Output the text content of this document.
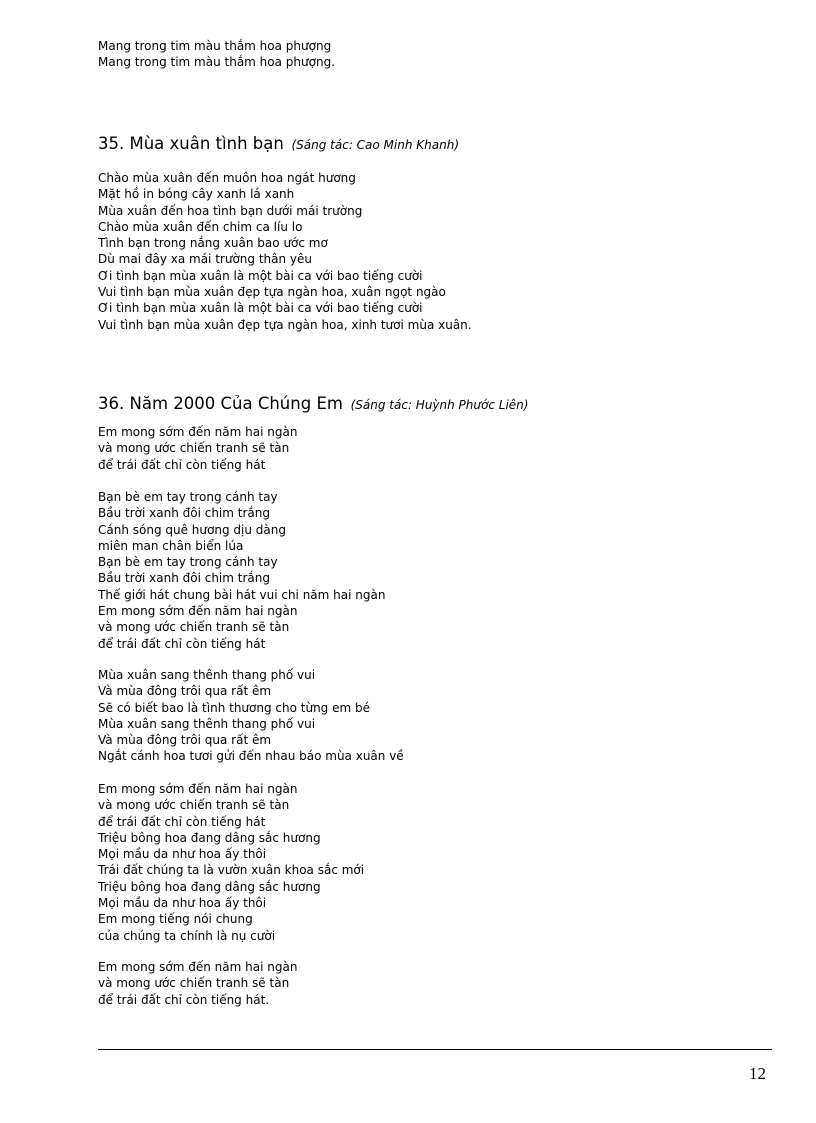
Mang trong tim màu thắm hoa phượng
Mang trong tim màu thắm hoa phượng.
35. Mùa xuân tình bạn (Sáng tác: Cao Minh Khanh)
Chào mùa xuân đến muôn hoa ngát hương
Mặt hồ in bóng cây xanh lá xanh
Mùa xuân đến hoa tình bạn dưới mái trường
Chào mùa xuân đến chim ca líu lo
Tình bạn trong nắng xuân bao ước mơ
Dù mai đây xa mái trường thân yêu
Ơi tình bạn mùa xuân là một bài ca với bao tiếng cười
Vui tình bạn mùa xuân đẹp tựa ngàn hoa, xuân ngọt ngào
Ơi tình bạn mùa xuân là một bài ca với bao tiếng cười
Vui tình bạn mùa xuân đẹp tựa ngàn hoa, xinh tươi mùa xuân.
36. Năm 2000 Của Chúng Em (Sáng tác: Huỳnh Phước Liên)
Em mong sớm đến năm hai ngàn
và mong ước chiến tranh sẽ tàn
để trái đất chỉ còn tiếng hát
Bạn bè em tay trong cánh tay
Bầu trời xanh đôi chim trắng
Cánh sóng quê hương dịu dàng
miên man chân biển lúa
Bạn bè em tay trong cánh tay
Bầu trời xanh đôi chim trắng
Thế giới hát chung bài hát vui chi năm hai ngàn
Em mong sớm đến năm hai ngàn
và mong ước chiến tranh sẽ tàn
để trái đất chỉ còn tiếng hát
Mùa xuân sang thênh thang phố vui
Và mùa đông trôi qua rất êm
Sẽ có biết bao là tình thương cho từng em bé
Mùa xuân sang thênh thang phố vui
Và mùa đông trôi qua rất êm
Ngắt cánh hoa tươi gửi đến nhau báo mùa xuân về
Em mong sớm đến năm hai ngàn
và mong ước chiến tranh sẽ tàn
để trái đất chỉ còn tiếng hát
Triệu bông hoa đang dâng sắc hương
Mọi mầu da như hoa ấy thôi
Trái đất chúng ta là vườn xuân khoa sắc mới
Triệu bông hoa đang dâng sắc hương
Mọi mầu da như hoa ấy thôi
Em mong tiếng nói chung
của chúng ta chính là nụ cười
Em mong sớm đến năm hai ngàn
và mong ước chiến tranh sẽ tàn
để trái đất chỉ còn tiếng hát.
12
